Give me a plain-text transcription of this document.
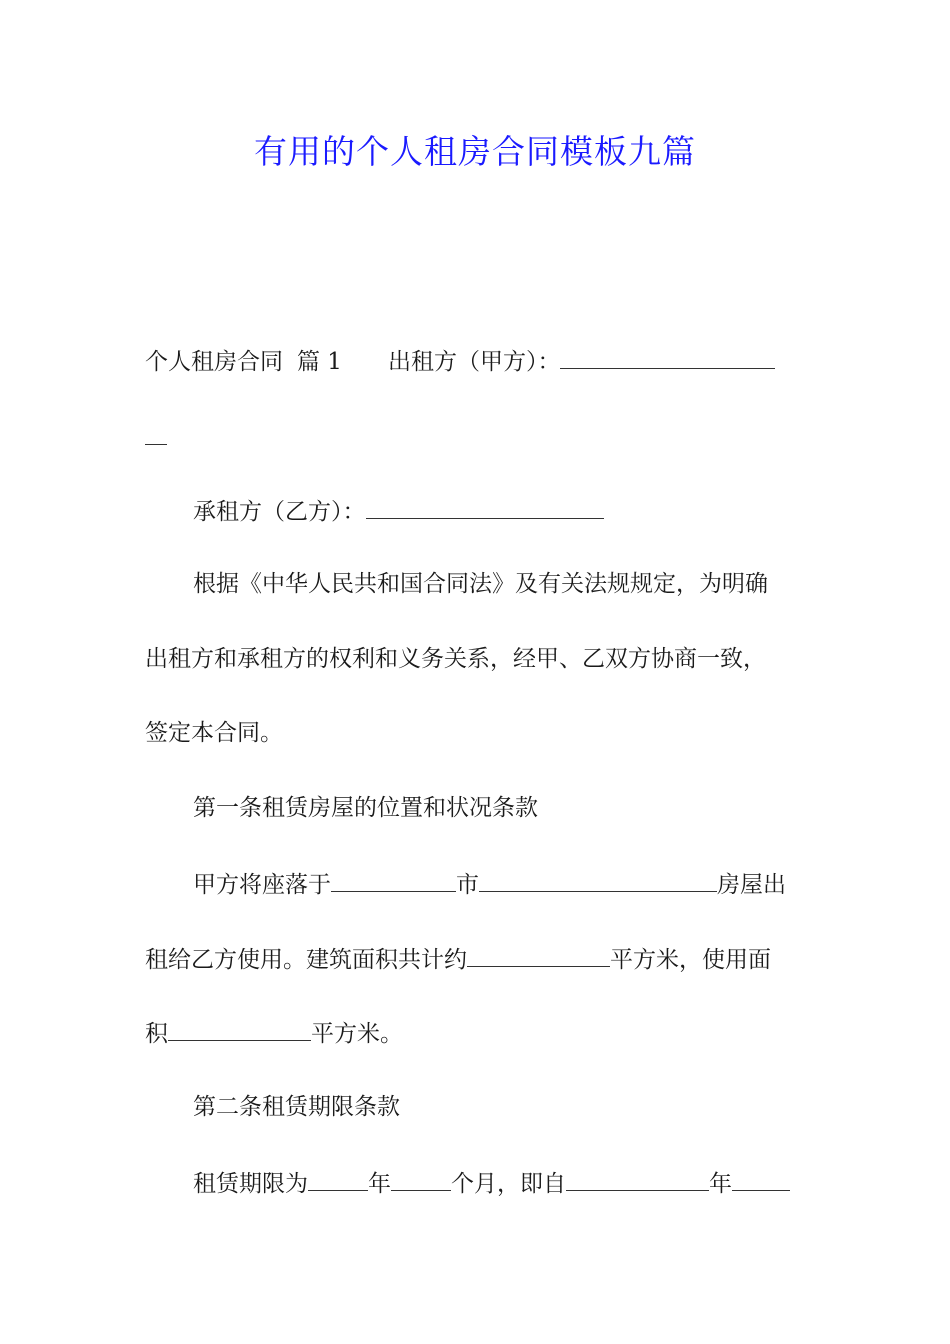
有用的个人租房合同模板九篇
个人租房合同 篇 1 出租方（甲方）：
承租方（乙方）：
根据《中华人民共和国合同法》及有关法规规定，为明确
出租方和承租方的权利和义务关系，经甲、乙双方协商一致，
签定本合同。
第一条租赁房屋的位置和状况条款
甲方将座落于	市	房屋出
租给乙方使用。建筑面积共计约	平方米，使用面
积	平方米。
第二条租赁期限条款
租赁期限为	年	个月，即自	年
